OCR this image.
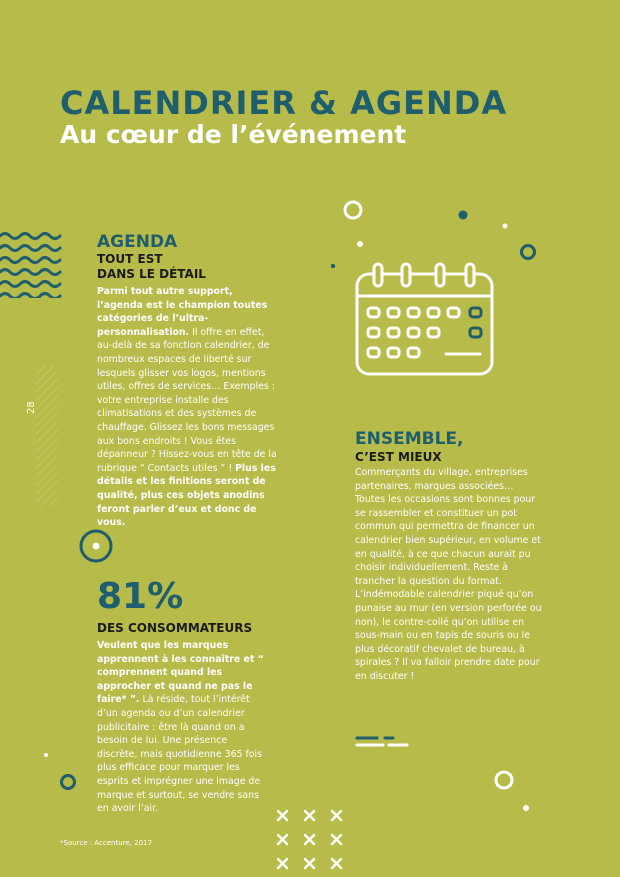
CALENDRIER & AGENDA
Au cœur de l’événement
28
AGENDA
TOUT EST
DANS LE DÉTAIL
Parmi tout autre support, l’agenda est le champion toutes catégories de l’ultra-personnalisation. Il offre en effet, au-delà de sa fonction calendrier, de nombreux espaces de liberté sur lesquels glisser vos logos, mentions utiles, offres de services… Exemples : votre entreprise installe des climatisations et des systèmes de chauffage. Glissez les bons messages aux bons endroits ! Vous êtes dépanneur ? Hissez-vous en tête de la rubrique “ Contacts utiles ” ! Plus les détails et les finitions seront de qualité, plus ces objets anodins feront parler d’eux et donc de vous.
81%
DES CONSOMMATEURS
Veulent que les marques apprennent à les connaître et “ comprennent quand les approcher et quand ne pas le faire* ”. Là réside, tout l’intérêt d’un agenda ou d’un calendrier publicitaire : être là quand on a besoin de lui. Une présence discrète, mais quotidienne 365 fois plus efficace pour marquer les esprits et imprégner une image de marque et surtout, se vendre sans en avoir l’air.
ENSEMBLE,
C’EST MIEUX
Commerçants du village, entreprises partenaires, marques associées… Toutes les occasions sont bonnes pour se rassembler et constituer un pot commun qui permettra de financer un calendrier bien supérieur, en volume et en qualité, à ce que chacun aurait pu choisir individuellement. Reste à trancher la question du format. L’indémodable calendrier piqué qu’on punaise au mur (en version perforée ou non), le contre-collé qu’on utilise en sous-main ou en tapis de souris ou le plus décoratif chevalet de bureau, à spirales ? Il va falloir prendre date pour en discuter !
*Source : Accenture, 2017
